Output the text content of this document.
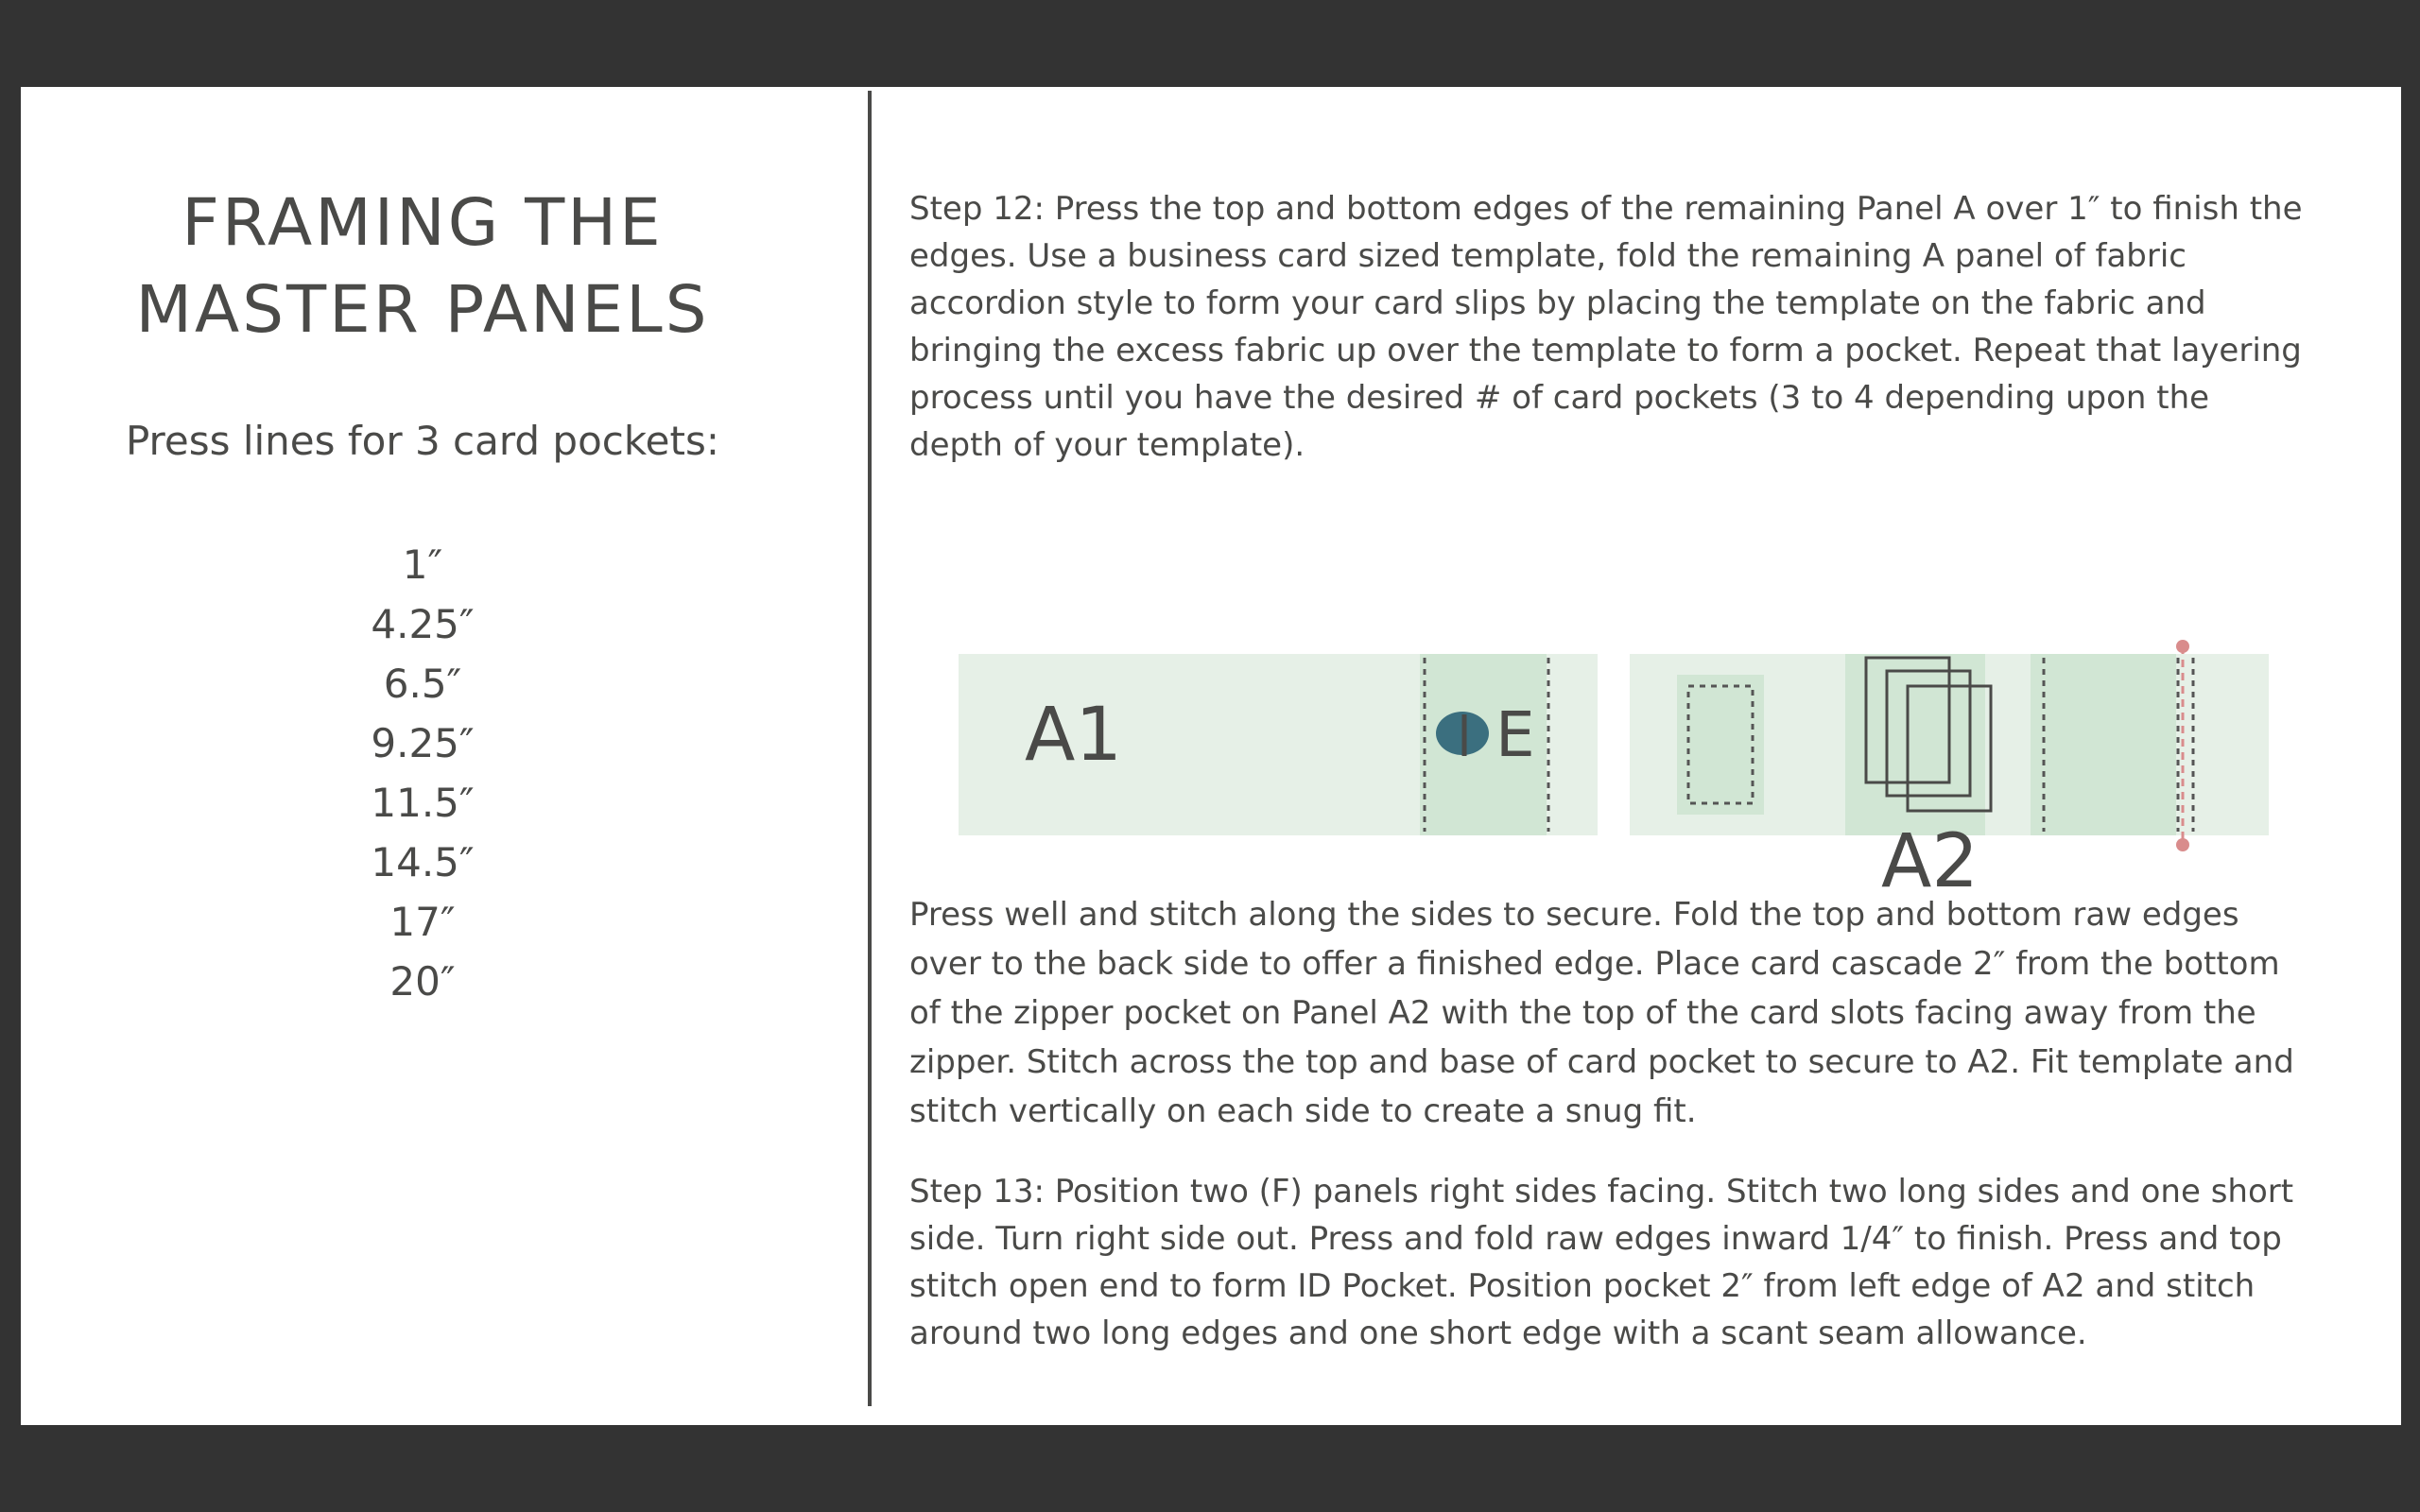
FRAMING THE
MASTER PANELS
Press lines for 3 card pockets:
1″
4.25″
6.5″
9.25″
11.5″
14.5″
17″
20″

Step 12: Press the top and bottom edges of the remaining Panel A over 1″ to finish the edges. Use a business card sized template, fold the remaining A panel of fabric accordion style to form your card slips by placing the template on the fabric and bringing the excess fabric up over the template to form a pocket. Repeat that layering process until you have the desired # of card pockets (3 to 4 depending upon the depth of your template).

Press well and stitch along the sides to secure. Fold the top and bottom raw edges over to the back side to offer a finished edge. Place card cascade 2″ from the bottom of the zipper pocket on Panel A2 with the top of the card slots facing away from the zipper. Stitch across the top and base of card pocket to secure to A2. Fit template and stitch vertically on each side to create a snug fit.

Step 13: Position two (F) panels right sides facing. Stitch two long sides and one short side. Turn right side out. Press and fold raw edges inward 1/4″ to finish. Press and top stitch open end to form ID Pocket. Position pocket 2″ from left edge of A2 and stitch around two long edges and one short edge with a scant seam allowance.

A1	E
A2
